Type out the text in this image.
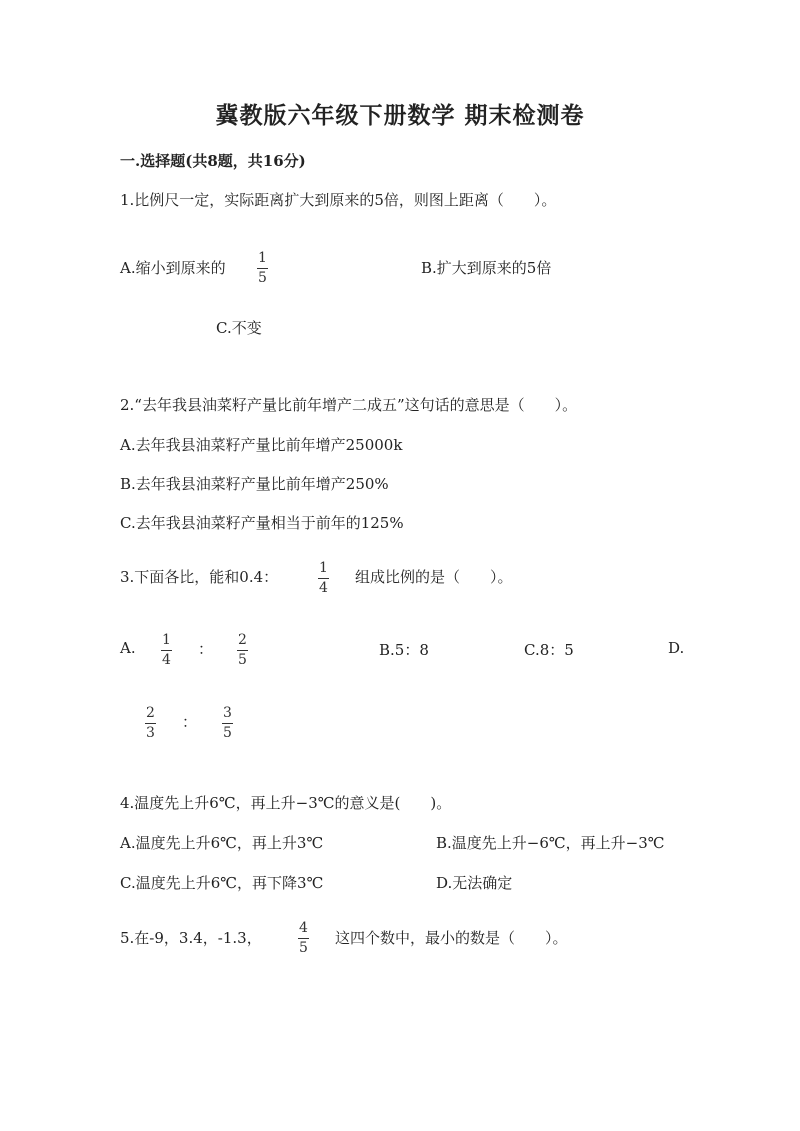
冀教版六年级下册数学 期末检测卷
一.选择题(共8题，共16分)
1.比例尺一定，实际距离扩大到原来的5倍，则图上距离（　　）。
A.缩小到原来的
1
5
B.扩大到原来的5倍
C.不变
2.“去年我县油菜籽产量比前年增产二成五”这句话的意思是（　　）。
A.去年我县油菜籽产量比前年增产25000k
B.去年我县油菜籽产量比前年增产250%
C.去年我县油菜籽产量相当于前年的125%
3.下面各比，能和0.4：	1
4
组成比例的是（　　）。
A. 1
4
： 2
5
B.5：8	C.8：5	D.
2
3
： 3
5
4.温度先上升6℃，再上升−3℃的意义是(　　)。
A.温度先上升6℃，再上升3℃	B.温度先上升−6℃，再上升−3℃
C.温度先上升6℃，再下降3℃	D.无法确定
5.在-9，3.4，-1.3，
4
5
这四个数中，最小的数是（　　）。
